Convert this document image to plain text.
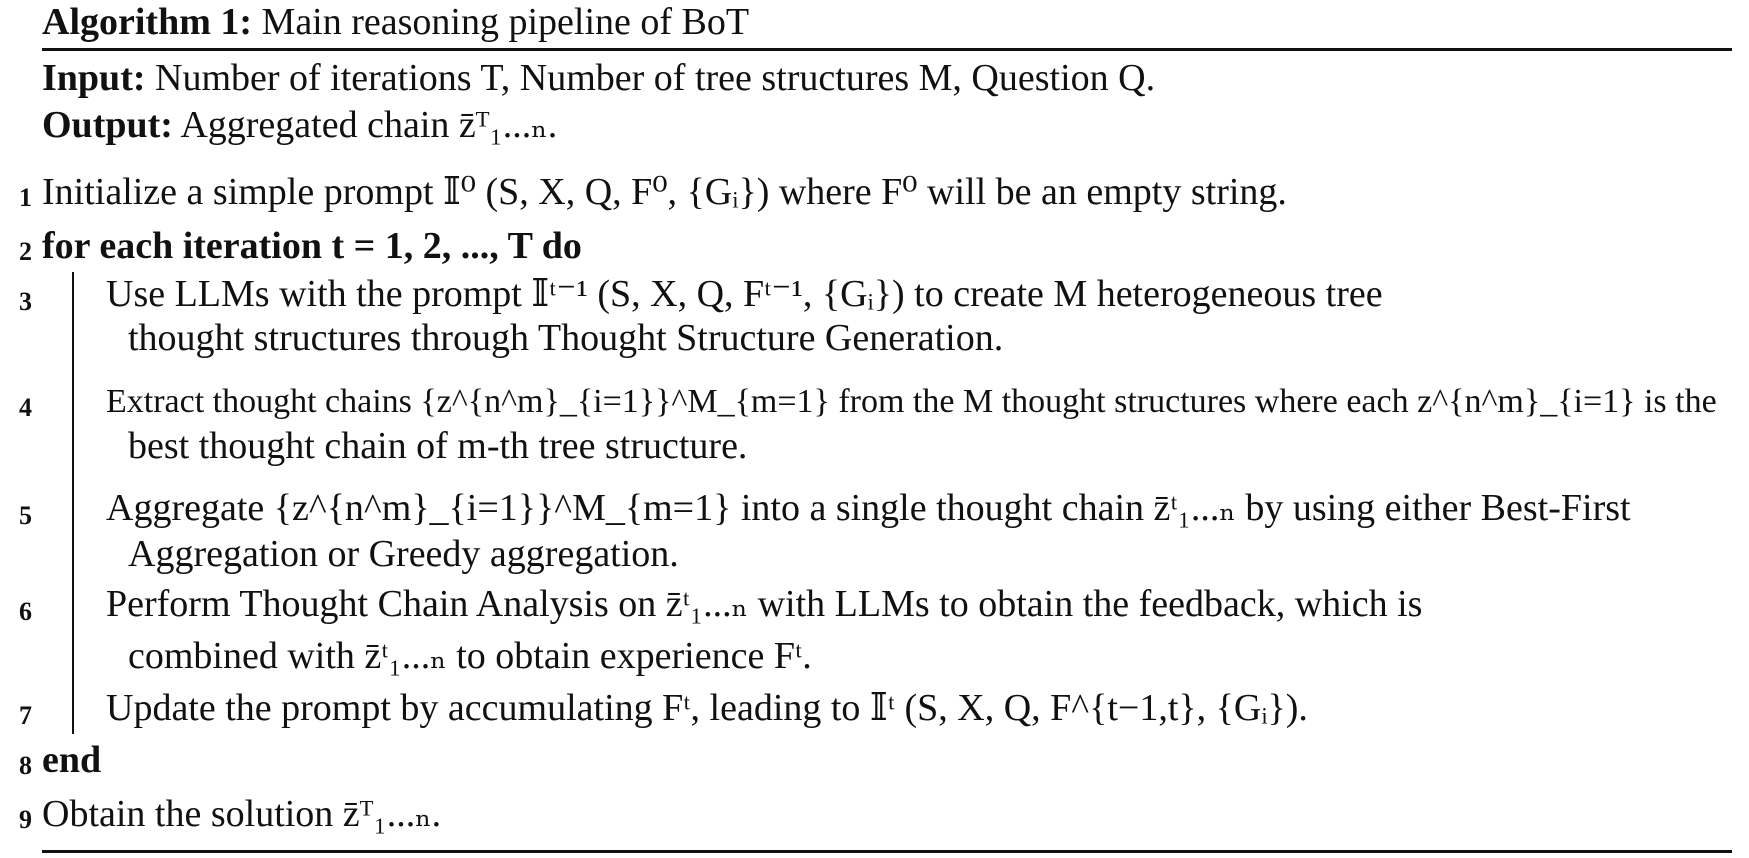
Algorithm 1: Main reasoning pipeline of BoT
Input: Number of iterations T, Number of tree structures M, Question Q.
Output: Aggregated chain z̄ᵀ₁...ₙ.
1 Initialize a simple prompt 𝕀⁰ (S, X, Q, F⁰, {Gᵢ}) where F⁰ will be an empty string.
2 for each iteration t = 1, 2, ..., T do
3 Use LLMs with the prompt 𝕀ᵗ⁻¹ (S, X, Q, Fᵗ⁻¹, {Gᵢ}) to create M heterogeneous tree
thought structures through Thought Structure Generation.
4 Extract thought chains {z^{n^m}_{i=1}}^M_{m=1} from the M thought structures where each z^{n^m}_{i=1} is the
best thought chain of m-th tree structure.
5 Aggregate {z^{n^m}_{i=1}}^M_{m=1} into a single thought chain z̄ᵗ₁...ₙ by using either Best-First
Aggregation or Greedy aggregation.
6 Perform Thought Chain Analysis on z̄ᵗ₁...ₙ with LLMs to obtain the feedback, which is
combined with z̄ᵗ₁...ₙ to obtain experience Fᵗ.
7 Update the prompt by accumulating Fᵗ, leading to 𝕀ᵗ (S, X, Q, F^{t−1,t}, {Gᵢ}).
8 end
9 Obtain the solution z̄ᵀ₁...ₙ.
